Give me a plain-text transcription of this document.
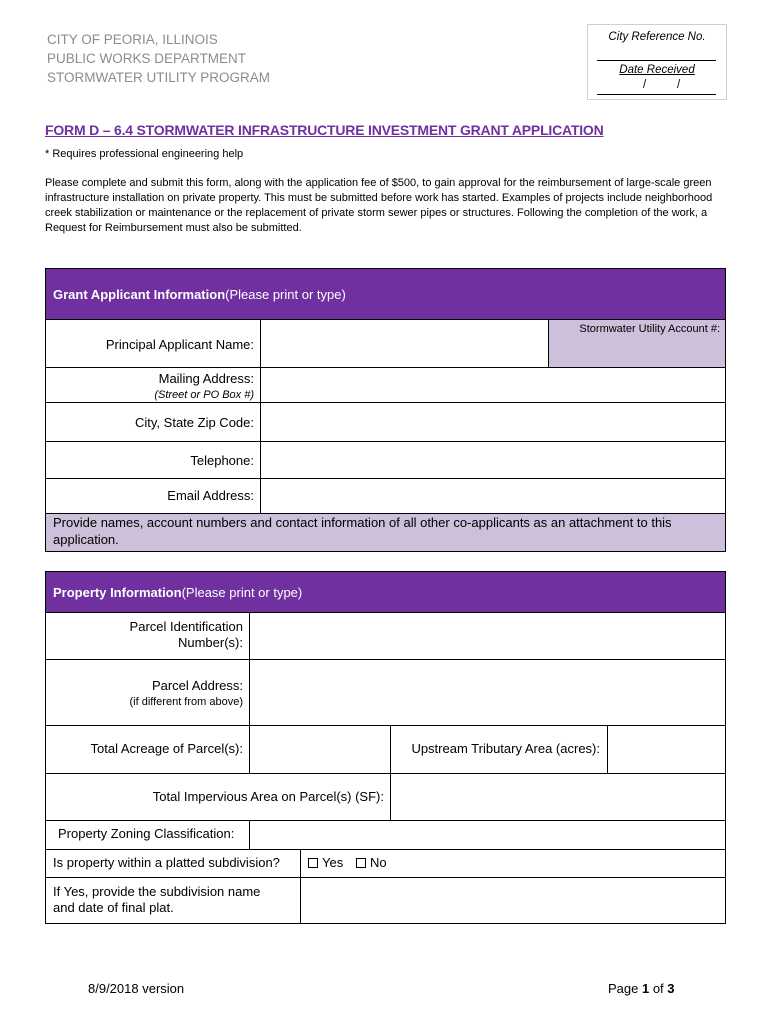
CITY OF PEORIA, ILLINOIS
PUBLIC WORKS DEPARTMENT
STORMWATER UTILITY PROGRAM
City Reference No.
Date Received
/	/
FORM D – 6.4 STORMWATER INFRASTRUCTURE INVESTMENT GRANT APPLICATION
* Requires professional engineering help
Please complete and submit this form, along with the application fee of $500, to gain approval for the reimbursement of large-scale green infrastructure installation on private property. This must be submitted before work has started. Examples of projects include neighborhood creek stabilization or maintenance or the replacement of private storm sewer pipes or structures. Following the completion of the work, a Request for Reimbursement must also be submitted.
Grant Applicant Information (Please print or type)
Principal Applicant Name:
Stormwater Utility Account #:
Mailing Address:
(Street or PO Box #)
City, State Zip Code:
Telephone:
Email Address:
Provide names, account numbers and contact information of all other co-applicants as an attachment to this application.
Property Information (Please print or type)
Parcel Identification
Number(s):
Parcel Address:
(if different from above)
Total Acreage of Parcel(s):	Upstream Tributary Area (acres):
Total Impervious Area on Parcel(s) (SF):
Property Zoning Classification:
Is property within a platted subdivision?	Yes	No
If Yes, provide the subdivision name
and date of final plat.
8/9/2018 version	Page 1 of 3
